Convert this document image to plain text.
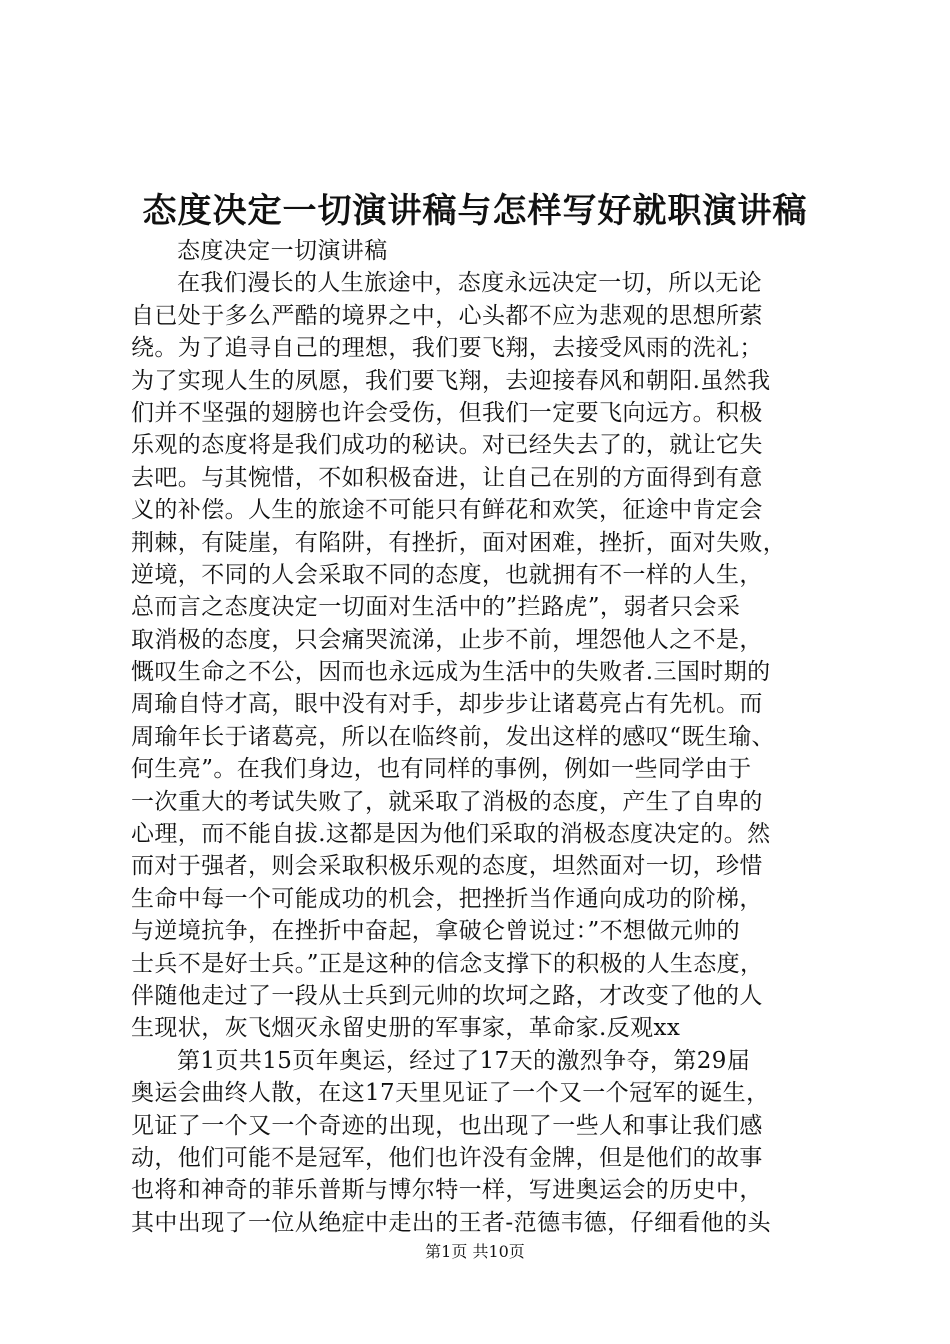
态度决定一切演讲稿与怎样写好就职演讲稿
态度决定一切演讲稿
在我们漫长的人生旅途中，态度永远决定一切，所以无论
自已处于多么严酷的境界之中，心头都不应为悲观的思想所萦
绕。为了追寻自己的理想，我们要飞翔，去接受风雨的洗礼；
为了实现人生的夙愿，我们要飞翔，去迎接春风和朝阳.虽然我
们并不坚强的翅膀也许会受伤，但我们一定要飞向远方。积极
乐观的态度将是我们成功的秘诀。对已经失去了的，就让它失
去吧。与其惋惜，不如积极奋进，让自己在别的方面得到有意
义的补偿。人生的旅途不可能只有鲜花和欢笑，征途中肯定会
荆棘，有陡崖，有陷阱，有挫折，面对困难，挫折，面对失败，
逆境，不同的人会采取不同的态度，也就拥有不一样的人生，
总而言之态度决定一切面对生活中的”拦路虎”，弱者只会采
取消极的态度，只会痛哭流涕，止步不前，埋怨他人之不是，
慨叹生命之不公，因而也永远成为生活中的失败者.三国时期的
周瑜自恃才高，眼中没有对手，却步步让诸葛亮占有先机。而
周瑜年长于诸葛亮，所以在临终前，发出这样的感叹“既生瑜、
何生亮”。在我们身边，也有同样的事例，例如一些同学由于
一次重大的考试失败了，就采取了消极的态度，产生了自卑的
心理，而不能自拔.这都是因为他们采取的消极态度决定的。然
而对于强者，则会采取积极乐观的态度，坦然面对一切，珍惜
生命中每一个可能成功的机会，把挫折当作通向成功的阶梯，
与逆境抗争，在挫折中奋起，拿破仑曾说过：”不想做元帅的
士兵不是好士兵。”正是这种的信念支撑下的积极的人生态度，
伴随他走过了一段从士兵到元帅的坎坷之路，才改变了他的人
生现状，灰飞烟灭永留史册的军事家，革命家.反观xx
第1页共15页年奥运，经过了17天的激烈争夺，第29届
奥运会曲终人散，在这17天里见证了一个又一个冠军的诞生，
见证了一个又一个奇迹的出现，也出现了一些人和事让我们感
动，他们可能不是冠军，他们也许没有金牌，但是他们的故事
也将和神奇的菲乐普斯与博尔特一样，写进奥运会的历史中，
其中出现了一位从绝症中走出的王者-范德韦德，仔细看他的头
第1页 共10页
